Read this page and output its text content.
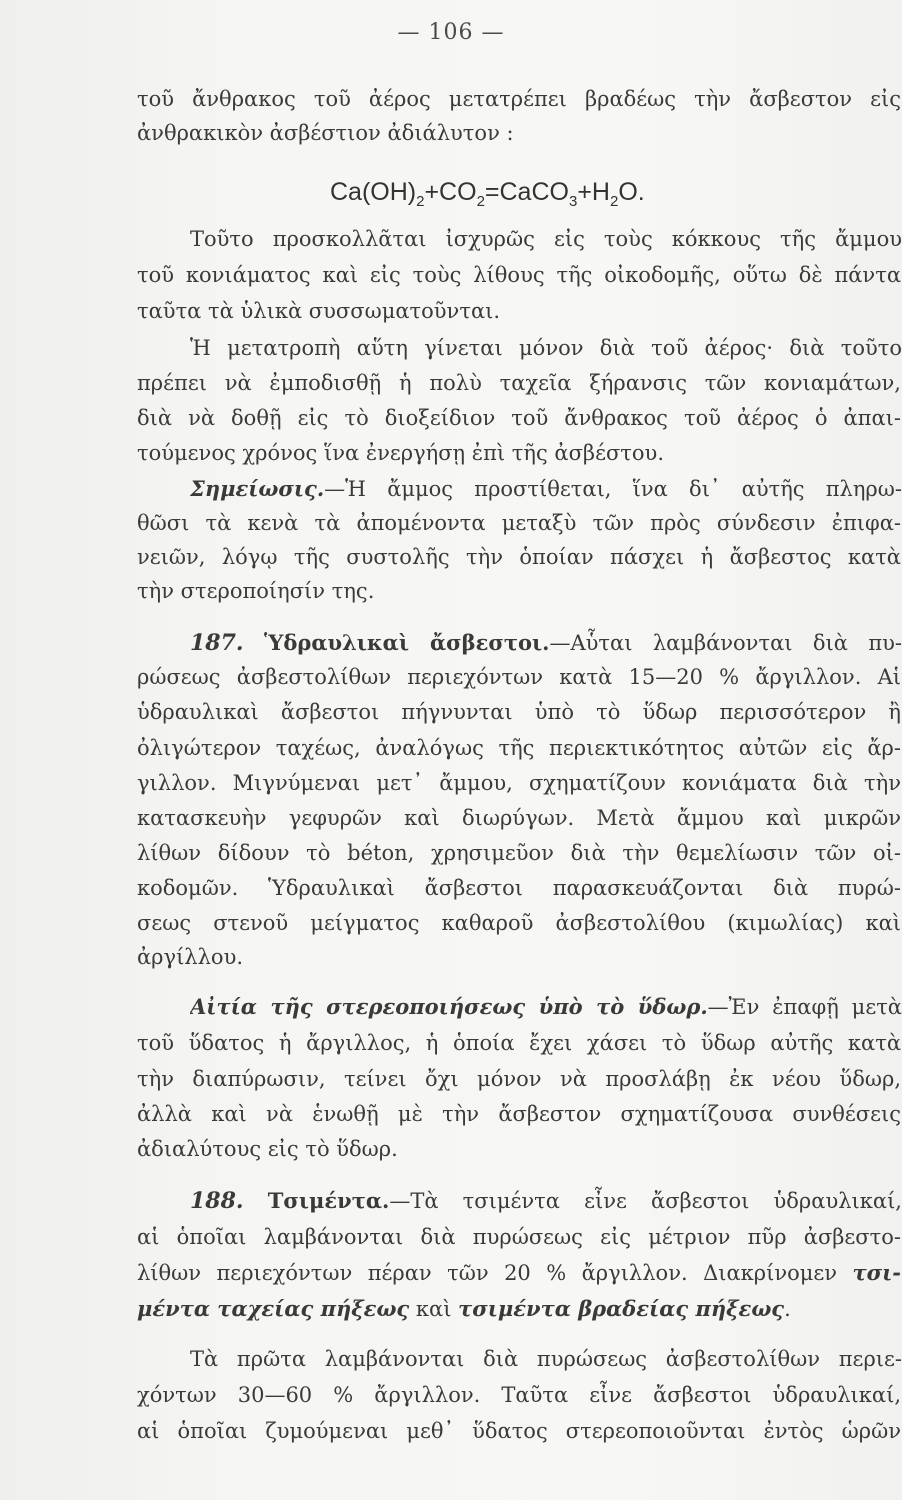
— 106 —
τοῦ ἄνθρακος τοῦ ἀέρος μετατρέπει βραδέως τὴν ἄσβεστον εἰς
ἀνθρακικὸν ἀσβέστιον ἀδιάλυτον :
$Ca(OH)_2+CO_2=CaCO_3+H_2O$.
Τοῦτο προσκολλᾶται ἰσχυρῶς εἰς τοὺς κόκκους τῆς ἄμμου
τοῦ κονιάματος καὶ εἰς τοὺς λίθους τῆς οἰκοδομῆς, οὕτω δὲ πάντα
ταῦτα τὰ ὑλικὰ συσσωματοῦνται.
Ἡ μετατροπὴ αὕτη γίνεται μόνον διὰ τοῦ ἀέρος· διὰ τοῦτο
πρέπει νὰ ἐμποδισθῇ ἡ πολὺ ταχεῖα ξήρανσις τῶν κονιαμάτων,
διὰ νὰ δοθῇ εἰς τὸ διοξείδιον τοῦ ἄνθρακος τοῦ ἀέρος ὁ ἀπαι-
τούμενος χρόνος ἵνα ἐνεργήσῃ ἐπὶ τῆς ἀσβέστου.
Σημείωσις.—Ἡ ἄμμος προστίθεται, ἵνα δι᾽ αὐτῆς πληρω-
θῶσι τὰ κενὰ τὰ ἀπομένοντα μεταξὺ τῶν πρὸς σύνδεσιν ἐπιφα-
νειῶν, λόγῳ τῆς συστολῆς τὴν ὁποίαν πάσχει ἡ ἄσβεστος κατὰ
τὴν στεροποίησίν της.
187. Ὑδραυλικαὶ ἄσβεστοι.—Αὗται λαμβάνονται διὰ πυ-
ρώσεως ἀσβεστολίθων περιεχόντων κατὰ 15—20 % ἄργιλλον. Αἱ
ὑδραυλικαὶ ἄσβεστοι πήγνυνται ὑπὸ τὸ ὕδωρ περισσότερον ἢ
ὀλιγώτερον ταχέως, ἀναλόγως τῆς περιεκτικότητος αὐτῶν εἰς ἄρ-
γιλλον. Μιγνύμεναι μετ᾽ ἄμμου, σχηματίζουν κονιάματα διὰ τὴν
κατασκευὴν γεφυρῶν καὶ διωρύγων. Μετὰ ἄμμου καὶ μικρῶν
λίθων δίδουν τὸ béton, χρησιμεῦον διὰ τὴν θεμελίωσιν τῶν οἰ-
κοδομῶν. Ὑδραυλικαὶ ἄσβεστοι παρασκευάζονται διὰ πυρώ-
σεως στενοῦ μείγματος καθαροῦ ἀσβεστολίθου (κιμωλίας) καὶ
ἀργίλλου.
Αἰτία τῆς στερεοποιήσεως ὑπὸ τὸ ὕδωρ.—Ἐν ἐπαφῇ μετὰ
τοῦ ὕδατος ἡ ἄργιλλος, ἡ ὁποία ἔχει χάσει τὸ ὕδωρ αὐτῆς κατὰ
τὴν διαπύρωσιν, τείνει ὄχι μόνον νὰ προσλάβῃ ἐκ νέου ὕδωρ,
ἀλλὰ καὶ νὰ ἑνωθῇ μὲ τὴν ἄσβεστον σχηματίζουσα συνθέσεις
ἀδιαλύτους εἰς τὸ ὕδωρ.
188. Τσιμέντα.—Τὰ τσιμέντα εἶνε ἄσβεστοι ὑδραυλικαί,
αἱ ὁποῖαι λαμβάνονται διὰ πυρώσεως εἰς μέτριον πῦρ ἀσβεστο-
λίθων περιεχόντων πέραν τῶν 20 % ἄργιλλον. Διακρίνομεν τσι-
μέντα ταχείας πήξεως καὶ τσιμέντα βραδείας πήξεως.
Τὰ πρῶτα λαμβάνονται διὰ πυρώσεως ἀσβεστολίθων περιε-
χόντων 30—60 % ἄργιλλον. Ταῦτα εἶνε ἄσβεστοι ὑδραυλικαί,
αἱ ὁποῖαι ζυμούμεναι μεθ᾽ ὕδατος στερεοποιοῦνται ἐντὸς ὡρῶν
